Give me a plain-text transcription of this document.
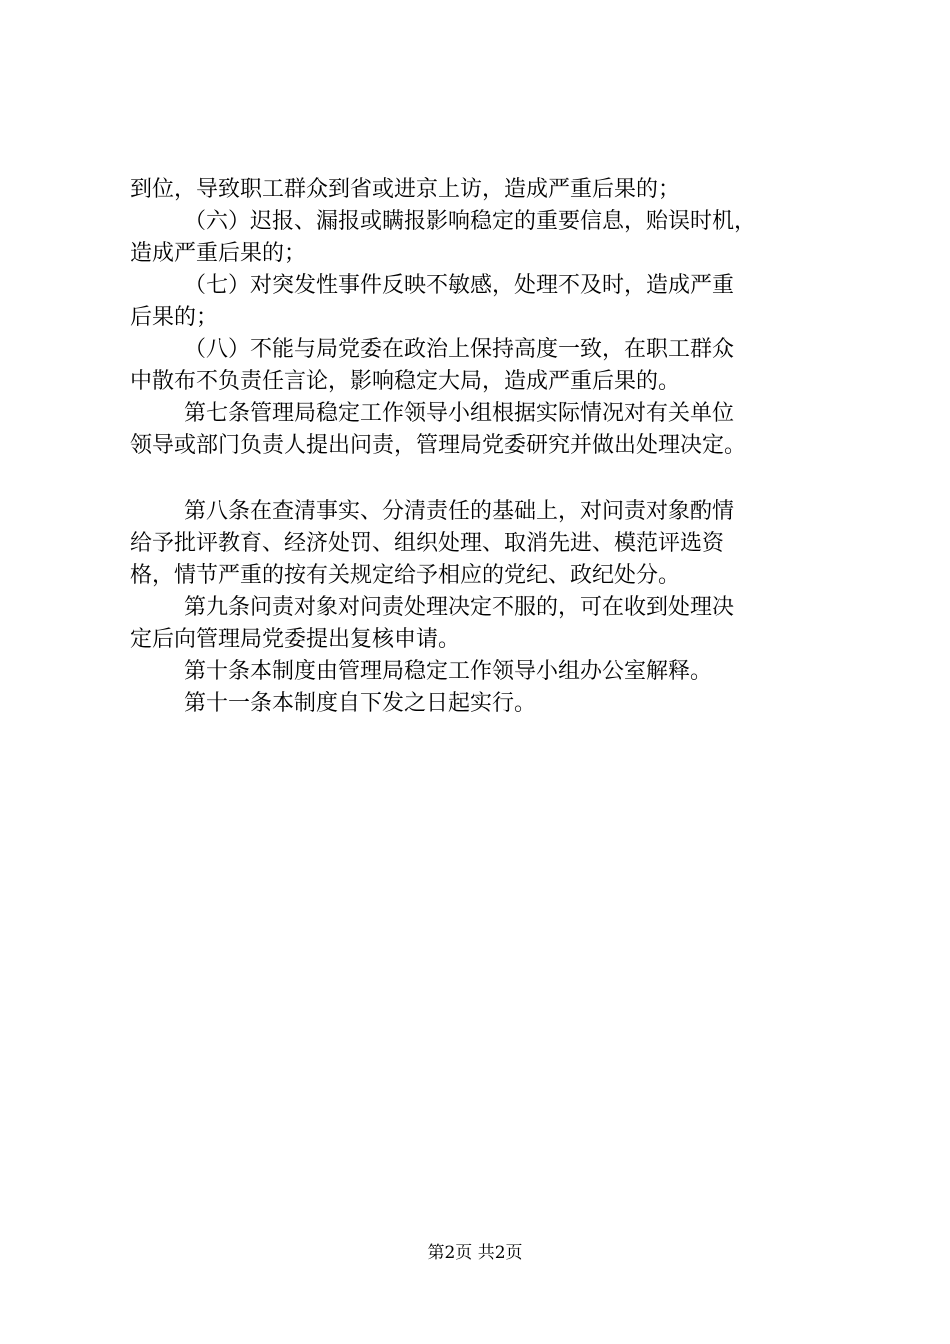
到位，导致职工群众到省或进京上访，造成严重后果的；
（六）迟报、漏报或瞒报影响稳定的重要信息，贻误时机，
造成严重后果的；
（七）对突发性事件反映不敏感，处理不及时，造成严重
后果的；
（八）不能与局党委在政治上保持高度一致，在职工群众
中散布不负责任言论，影响稳定大局，造成严重后果的。
第七条管理局稳定工作领导小组根据实际情况对有关单位
领导或部门负责人提出问责，管理局党委研究并做出处理决定。
第八条在查清事实、分清责任的基础上，对问责对象酌情
给予批评教育、经济处罚、组织处理、取消先进、模范评选资
格，情节严重的按有关规定给予相应的党纪、政纪处分。
第九条问责对象对问责处理决定不服的，可在收到处理决
定后向管理局党委提出复核申请。
第十条本制度由管理局稳定工作领导小组办公室解释。
第十一条本制度自下发之日起实行。
第2页 共2页
